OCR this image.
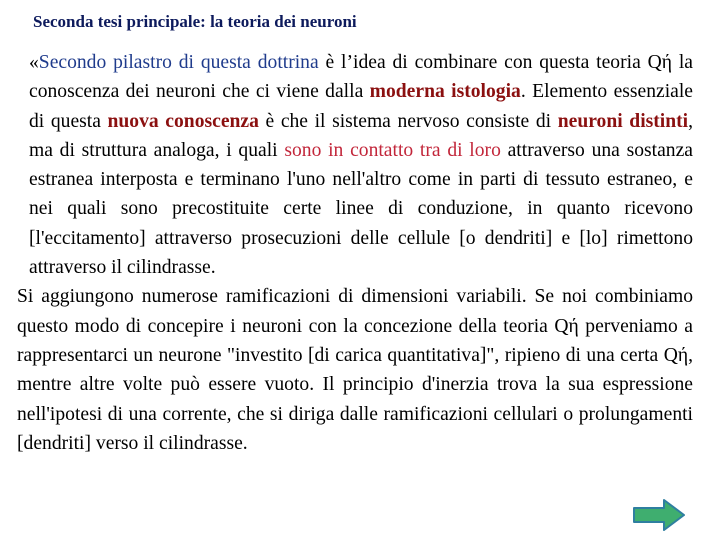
Seconda tesi principale: la teoria dei neuroni

«Secondo pilastro di questa dottrina è l’idea di combinare con questa teoria Qή la conoscenza dei neuroni che ci viene dalla moderna istologia. Elemento essenziale di questa nuova conoscenza è che il sistema nervoso consiste di neuroni distinti, ma di struttura analoga, i quali sono in contatto tra di loro attraverso una sostanza estranea interposta e terminano l'uno nell'altro come in parti di tessuto estraneo, e nei quali sono precostituite certe linee di conduzione, in quanto ricevono [l'eccitamento] attraverso prosecuzioni delle cellule [o dendriti] e [lo] rimettono attraverso il cilindrasse.

Si aggiungono numerose ramificazioni di dimensioni variabili. Se noi combiniamo questo modo di concepire i neuroni con la concezione della teoria Qή perveniamo a rappresentarci un neurone "investito [di carica quantitativa]", ripieno di una certa Qή, mentre altre volte può essere vuoto. Il principio d'inerzia trova la sua espressione nell'ipotesi di una corrente, che si diriga dalle ramificazioni cellulari o prolungamenti [dendriti] verso il cilindrasse.
